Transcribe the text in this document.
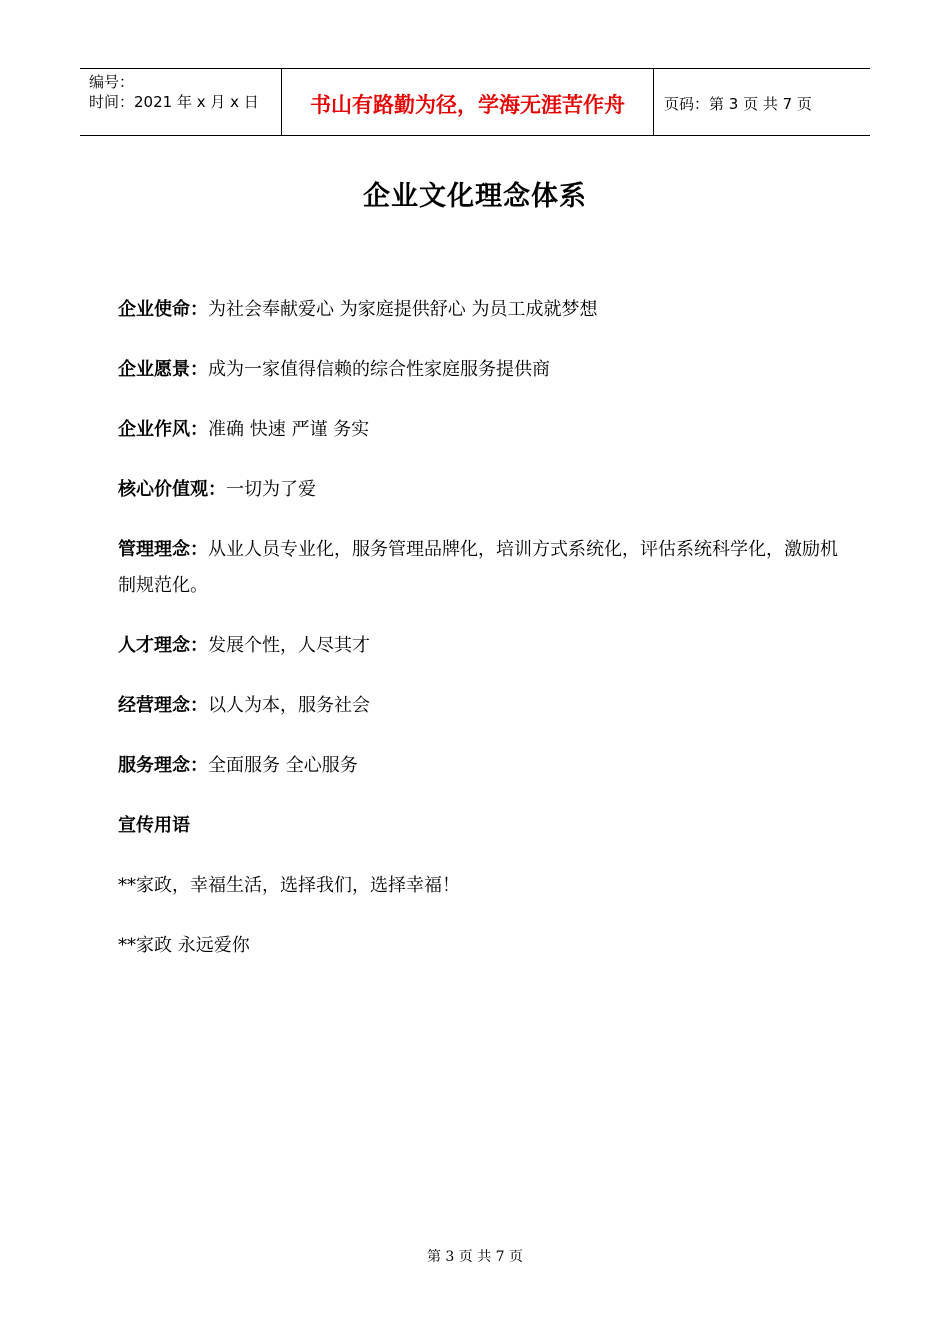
编号：
时间：2021 年 x 月 x 日	书山有路勤为径，学海无涯苦作舟	页码：第 3 页 共 7 页
企业文化理念体系

企业使命：为社会奉献爱心 为家庭提供舒心 为员工成就梦想

企业愿景：成为一家值得信赖的综合性家庭服务提供商

企业作风：准确 快速 严谨 务实

核心价值观：一切为了爱

管理理念：从业人员专业化，服务管理品牌化，培训方式系统化，评估系统科学化，激励机制规范化。

人才理念：发展个性，人尽其才

经营理念：以人为本，服务社会

服务理念：全面服务 全心服务

宣传用语

**家政，幸福生活，选择我们，选择幸福！

**家政 永远爱你

第 3 页 共 7 页
